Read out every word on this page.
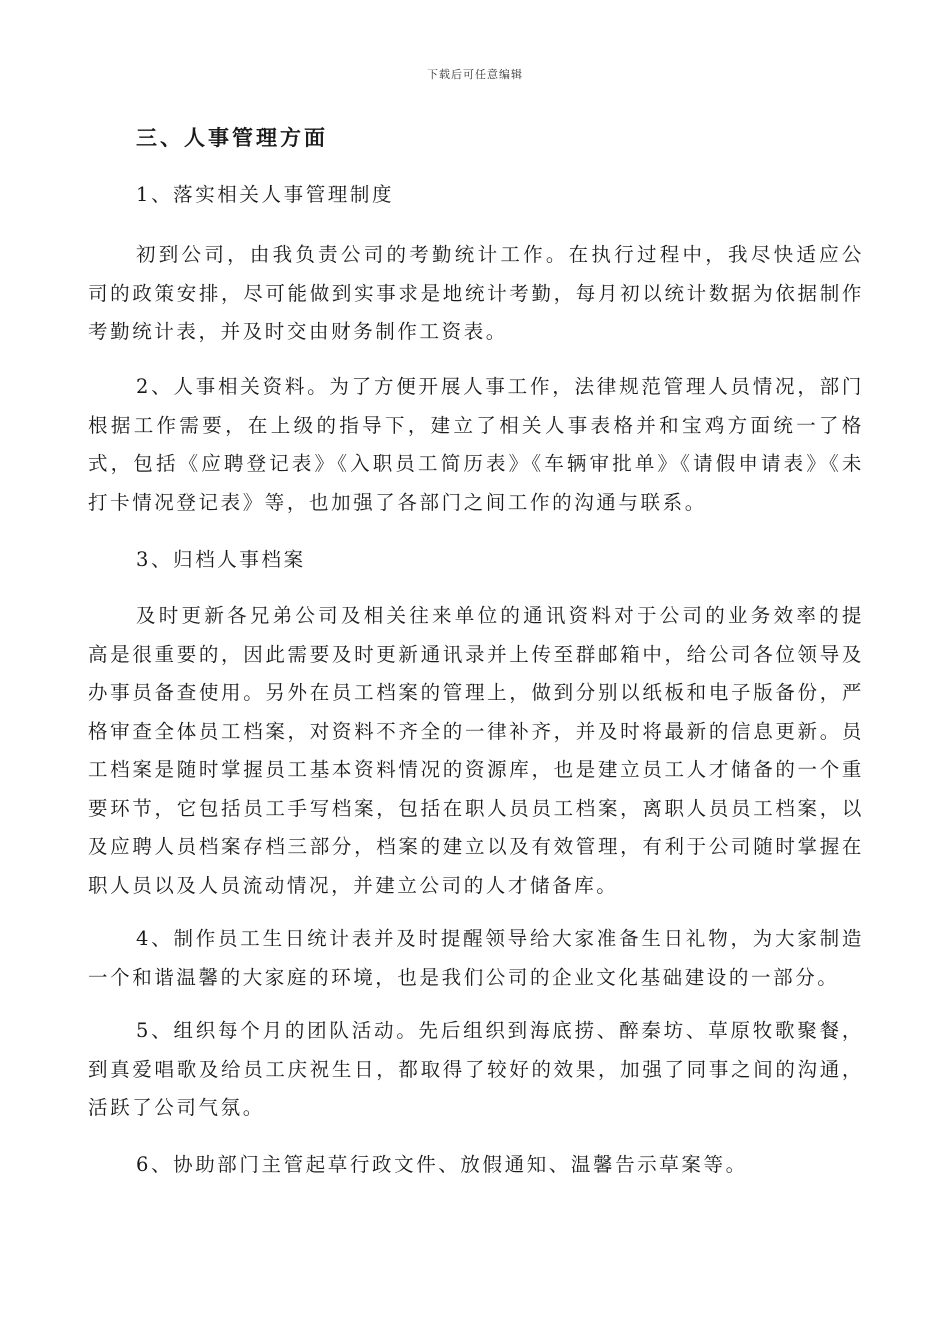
下载后可任意编辑
三、人事管理方面

1、落实相关人事管理制度

初到公司，由我负责公司的考勤统计工作。在执行过程中，我尽快适应公司的政策安排，尽可能做到实事求是地统计考勤，每月初以统计数据为依据制作考勤统计表，并及时交由财务制作工资表。

2、人事相关资料。为了方便开展人事工作，法律规范管理人员情况，部门根据工作需要，在上级的指导下，建立了相关人事表格并和宝鸡方面统一了格式，包括《应聘登记表》《入职员工简历表》《车辆审批单》《请假申请表》《未打卡情况登记表》等，也加强了各部门之间工作的沟通与联系。

3、归档人事档案

及时更新各兄弟公司及相关往来单位的通讯资料对于公司的业务效率的提高是很重要的，因此需要及时更新通讯录并上传至群邮箱中，给公司各位领导及办事员备查使用。另外在员工档案的管理上，做到分别以纸板和电子版备份，严格审查全体员工档案，对资料不齐全的一律补齐，并及时将最新的信息更新。员工档案是随时掌握员工基本资料情况的资源库，也是建立员工人才储备的一个重要环节，它包括员工手写档案，包括在职人员员工档案，离职人员员工档案，以及应聘人员档案存档三部分，档案的建立以及有效管理，有利于公司随时掌握在职人员以及人员流动情况，并建立公司的人才储备库。

4、制作员工生日统计表并及时提醒领导给大家准备生日礼物，为大家制造一个和谐温馨的大家庭的环境，也是我们公司的企业文化基础建设的一部分。

5、组织每个月的团队活动。先后组织到海底捞、醉秦坊、草原牧歌聚餐，到真爱唱歌及给员工庆祝生日，都取得了较好的效果，加强了同事之间的沟通，活跃了公司气氛。

6、协助部门主管起草行政文件、放假通知、温馨告示草案等。
